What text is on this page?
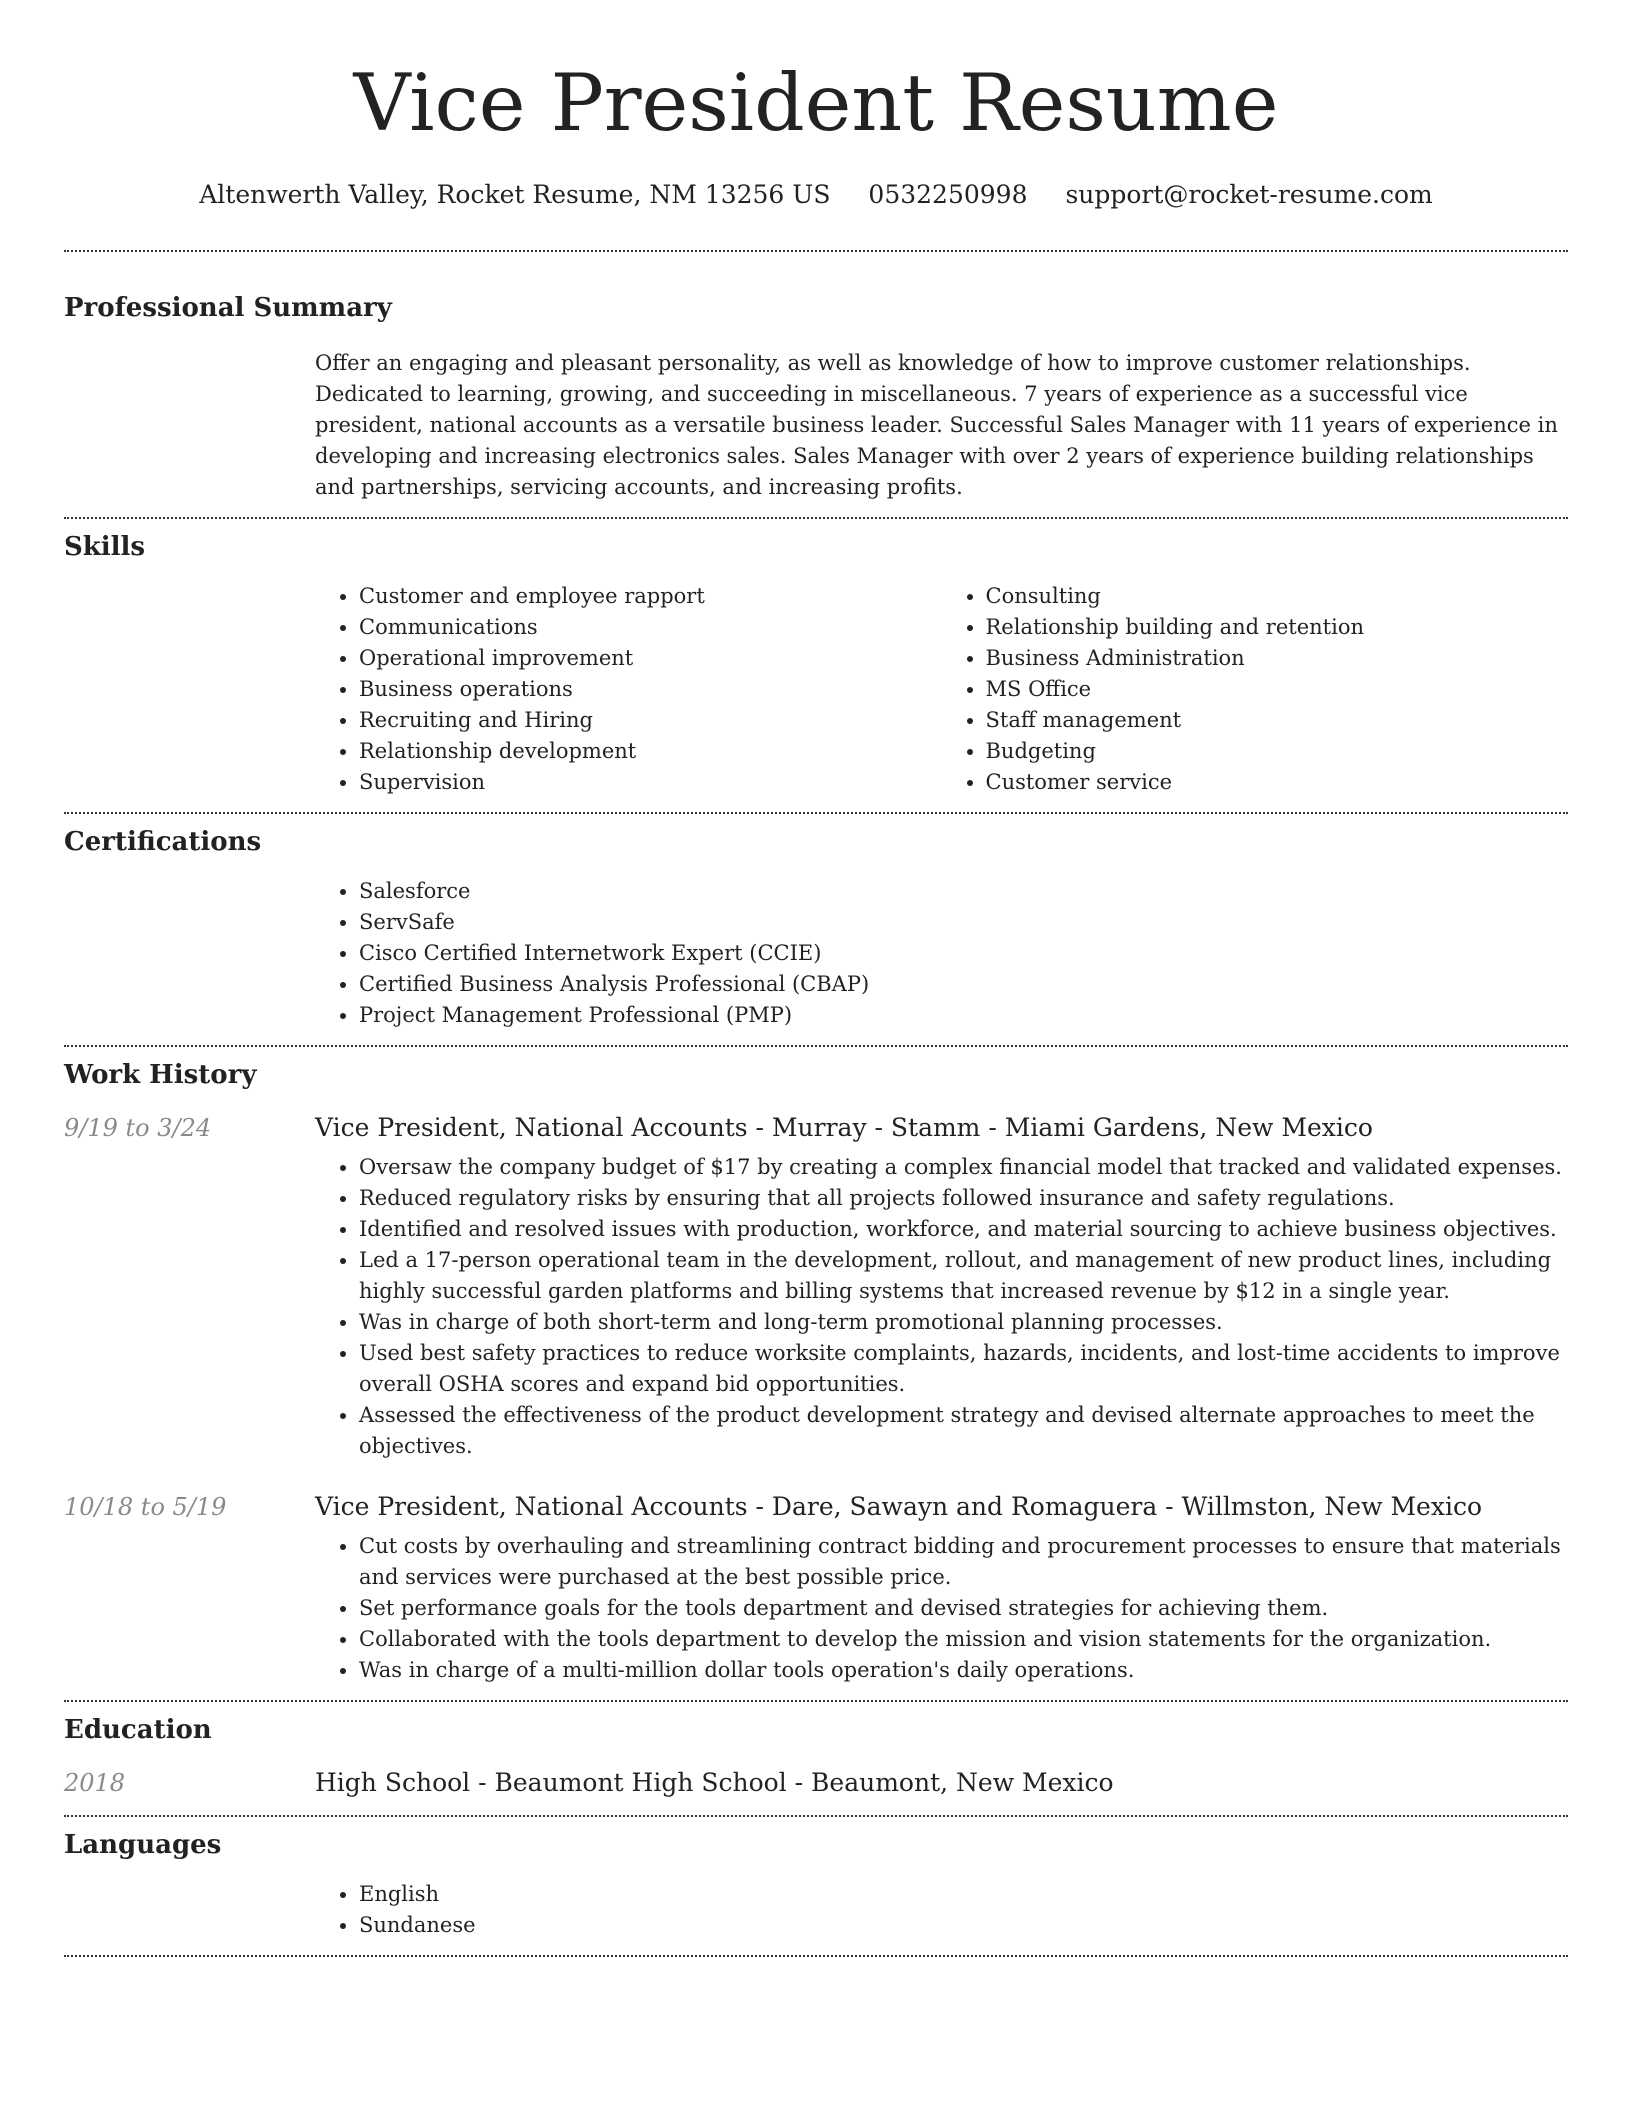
Vice President Resume
Altenwerth Valley, Rocket Resume, NM 13256 US 0532250998 support@rocket-resume.com
Professional Summary
Offer an engaging and pleasant personality, as well as knowledge of how to improve customer relationships. Dedicated to learning, growing, and succeeding in miscellaneous. 7 years of experience as a successful vice president, national accounts as a versatile business leader. Successful Sales Manager with 11 years of experience in developing and increasing electronics sales. Sales Manager with over 2 years of experience building relationships and partnerships, servicing accounts, and increasing profits.
Skills
• Customer and employee rapport
• Communications
• Operational improvement
• Business operations
• Recruiting and Hiring
• Relationship development
• Supervision
• Consulting
• Relationship building and retention
• Business Administration
• MS Office
• Staff management
• Budgeting
• Customer service
Certifications
• Salesforce
• ServSafe
• Cisco Certified Internetwork Expert (CCIE)
• Certified Business Analysis Professional (CBAP)
• Project Management Professional (PMP)
Work History
9/19 to 3/24	Vice President, National Accounts - Murray - Stamm - Miami Gardens, New Mexico
• Oversaw the company budget of $17 by creating a complex financial model that tracked and validated expenses.
• Reduced regulatory risks by ensuring that all projects followed insurance and safety regulations.
• Identified and resolved issues with production, workforce, and material sourcing to achieve business objectives.
• Led a 17-person operational team in the development, rollout, and management of new product lines, including highly successful garden platforms and billing systems that increased revenue by $12 in a single year.
• Was in charge of both short-term and long-term promotional planning processes.
• Used best safety practices to reduce worksite complaints, hazards, incidents, and lost-time accidents to improve overall OSHA scores and expand bid opportunities.
• Assessed the effectiveness of the product development strategy and devised alternate approaches to meet the objectives.
10/18 to 5/19	Vice President, National Accounts - Dare, Sawayn and Romaguera - Willmston, New Mexico
• Cut costs by overhauling and streamlining contract bidding and procurement processes to ensure that materials and services were purchased at the best possible price.
• Set performance goals for the tools department and devised strategies for achieving them.
• Collaborated with the tools department to develop the mission and vision statements for the organization.
• Was in charge of a multi-million dollar tools operation's daily operations.
Education
2018	High School - Beaumont High School - Beaumont, New Mexico
Languages
• English
• Sundanese
